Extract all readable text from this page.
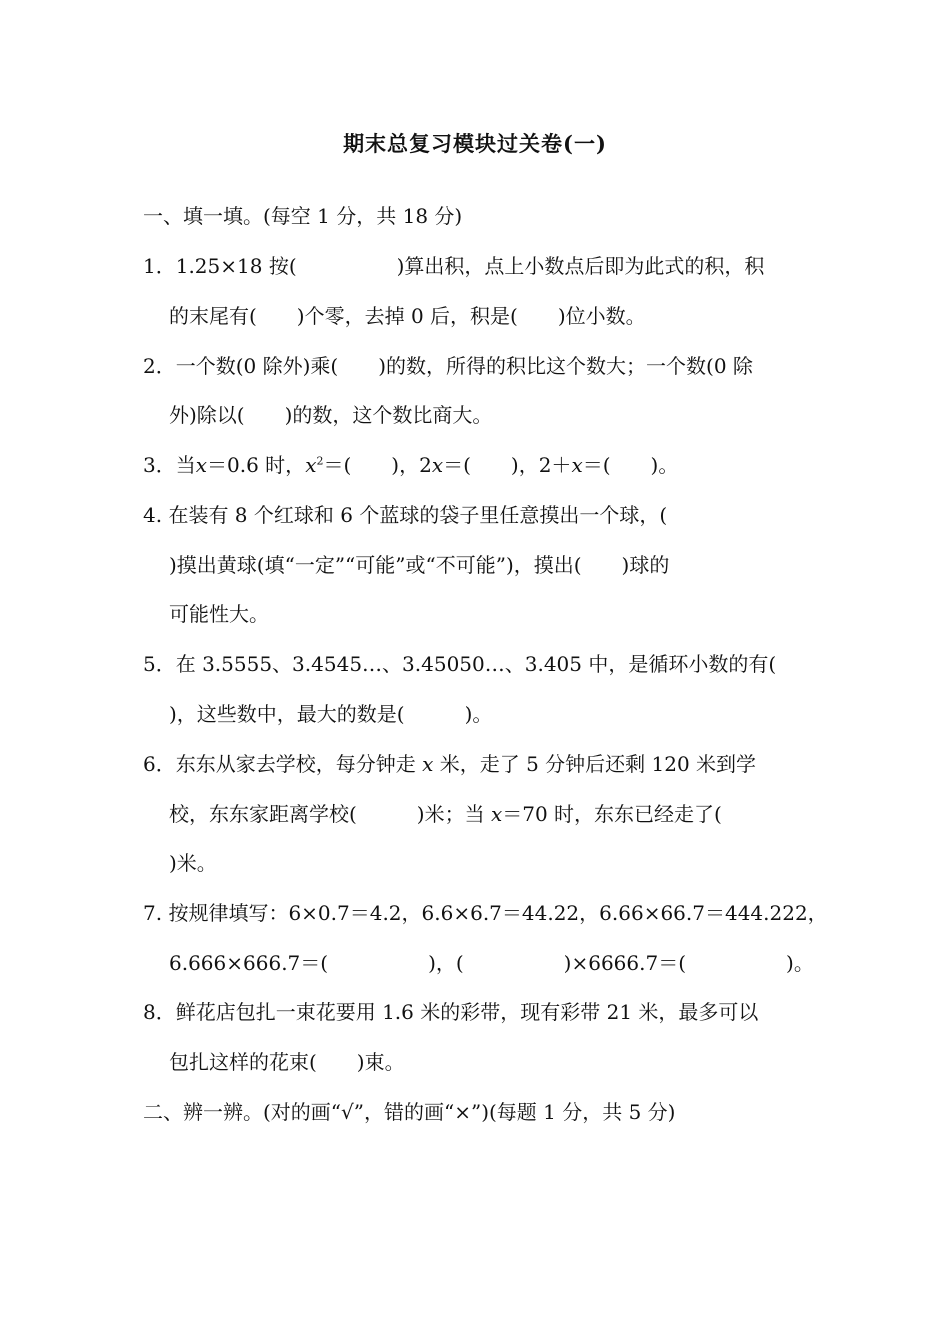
期末总复习模块过关卷(一)
一、填一填。(每空 1 分，共 18 分)
1．1.25×18 按(　　　　　)算出积，点上小数点后即为此式的积，积
的末尾有(　　)个零，去掉 0 后，积是(　　)位小数。
2．一个数(0 除外)乘(　　)的数，所得的积比这个数大；一个数(0 除
外)除以(　　)的数，这个数比商大。
3．当x＝0.6 时，$x^2=$(　　)，2x＝(　　)，2＋x＝(　　)。
4. 在装有 8 个红球和 6 个蓝球的袋子里任意摸出一个球，(
)摸出黄球(填“一定”“可能”或“不可能”)，摸出(　　)球的
可能性大。
5．在 3.5555、3.4545…、3.45050…、3.405 中，是循环小数的有(
)，这些数中，最大的数是(　　　)。
6．东东从家去学校，每分钟走 x 米，走了 5 分钟后还剩 120 米到学
校，东东家距离学校(　　　)米；当 x＝70 时，东东已经走了(
)米。
7. 按规律填写：6×0.7＝4.2，6.6×6.7＝44.22，6.66×66.7＝444.222，
6.666×666.7＝(　　　　　)，(　　　　　)×6666.7＝(　　　　　)。
8．鲜花店包扎一束花要用 1.6 米的彩带，现有彩带 21 米，最多可以
包扎这样的花束(　　)束。
二、辨一辨。(对的画“√”，错的画“×”)(每题 1 分，共 5 分)
